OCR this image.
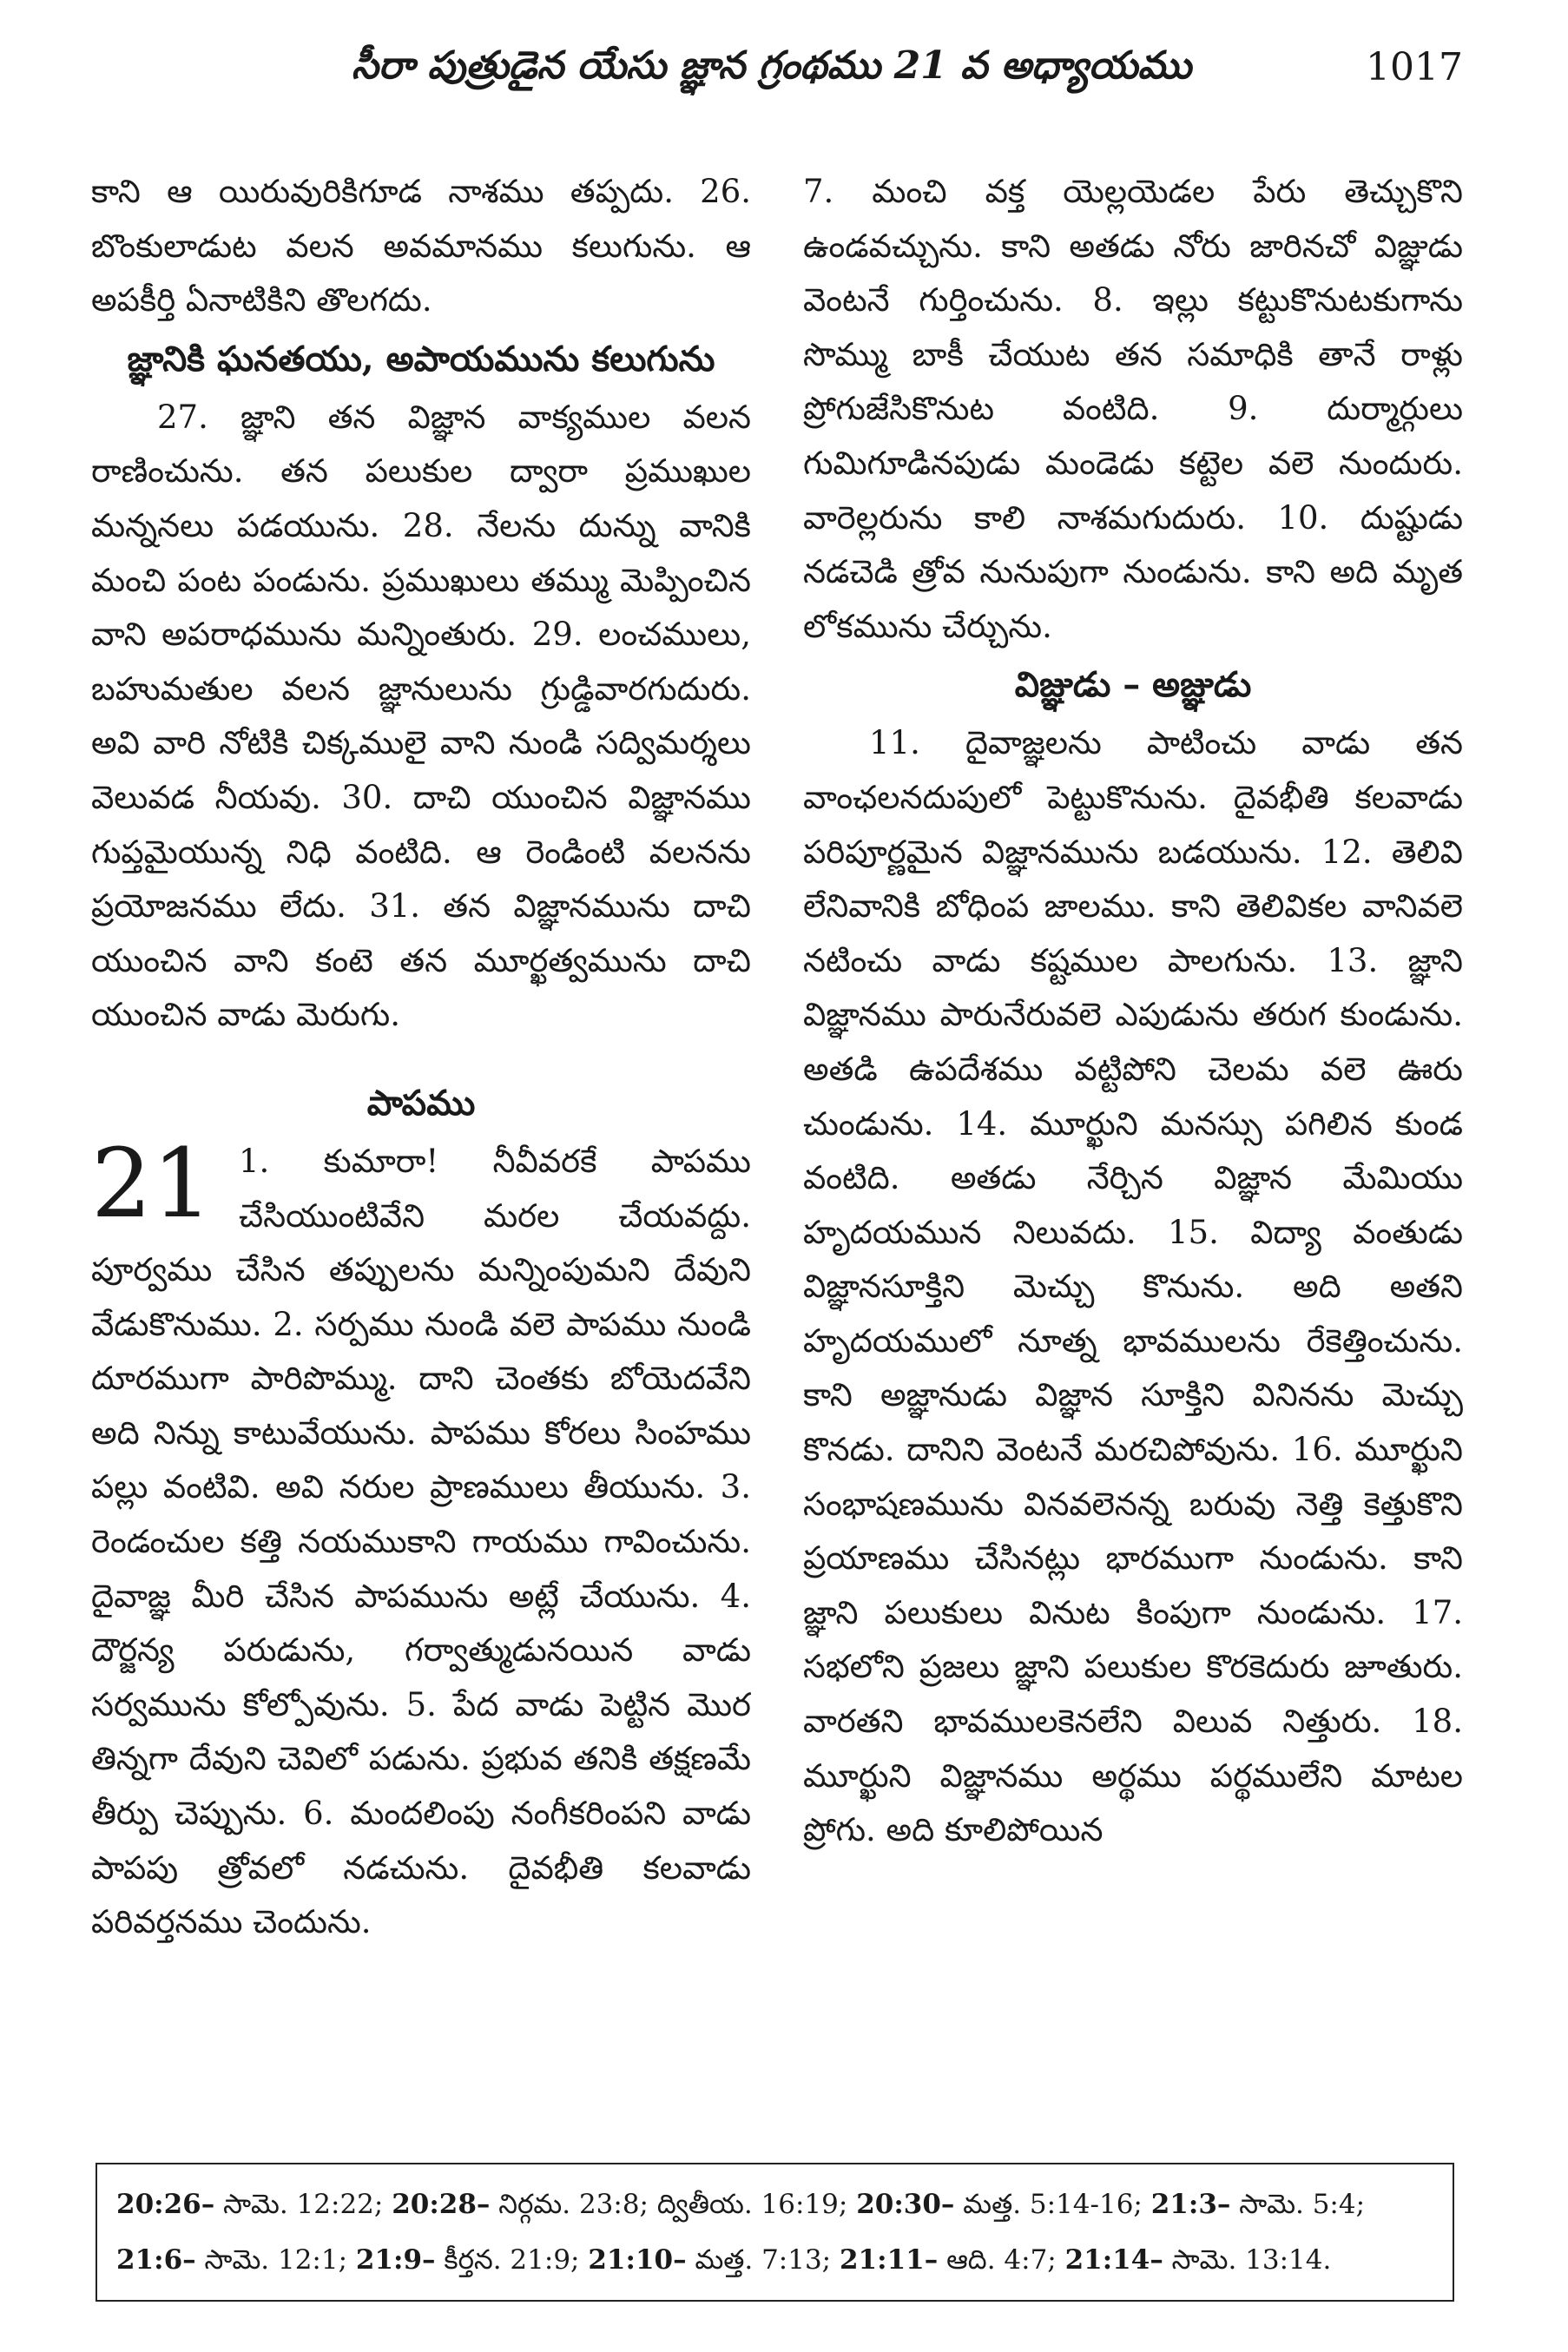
సీరా పుత్రుడైన యేసు జ్ఞాన గ్రంథము 21 వ అధ్యాయము	1017

కాని ఆ యిరువురికిగూడ నాశము తప్పదు. 26. బొంకులాడుట వలన అవమానము కలుగును. ఆ అపకీర్తి ఏనాటికిని తొలగదు.

జ్ఞానికి ఘనతయు, అపాయమును కలుగును

27. జ్ఞాని తన విజ్ఞాన వాక్యముల వలన రాణించును. తన పలుకుల ద్వారా ప్రముఖుల మన్ననలు పడయును. 28. నేలను దున్ను వానికి మంచి పంట పండును. ప్రముఖులు తమ్ము మెప్పించిన వాని అపరాధమును మన్నింతురు. 29. లంచములు, బహుమతుల వలన జ్ఞానులును గ్రుడ్డివారగుదురు. అవి వారి నోటికి చిక్కములై వాని నుండి సద్విమర్శలు వెలువడ నీయవు. 30. దాచి యుంచిన విజ్ఞానము గుప్తమైయున్న నిధి వంటిది. ఆ రెండింటి వలనను ప్రయోజనము లేదు. 31. తన విజ్ఞానమును దాచి యుంచిన వాని కంటె తన మూర్ఖత్వమును దాచి యుంచిన వాడు మెరుగు.

పాపము

21 1. కుమారా! నీవీవరకే పాపము చేసియుంటివేని మరల చేయవద్దు. పూర్వము చేసిన తప్పులను మన్నింపుమని దేవుని వేడుకొనుము. 2. సర్పము నుండి వలె పాపము నుండి దూరముగా పారిపొమ్ము. దాని చెంతకు బోయెదవేని అది నిన్ను కాటువేయును. పాపము కోరలు సింహము పల్లు వంటివి. అవి నరుల ప్రాణములు తీయును. 3. రెండంచుల కత్తి నయముకాని గాయము గావించును. దైవాజ్ఞ మీరి చేసిన పాపమును అట్లే చేయును. 4. దౌర్జన్య పరుడును, గర్వాత్ముడునయిన వాడు సర్వమును కోల్పోవును. 5. పేద వాడు పెట్టిన మొర తిన్నగా దేవుని చెవిలో పడును. ప్రభువ తనికి తక్షణమే తీర్పు చెప్పును. 6. మందలింపు నంగీకరింపని వాడు పాపపు త్రోవలో నడచును. దైవభీతి కలవాడు పరివర్తనము చెందును.

7. మంచి వక్త యెల్లయెడల పేరు తెచ్చుకొని ఉండవచ్చును. కాని అతడు నోరు జారినచో విజ్ఞుడు వెంటనే గుర్తించును. 8. ఇల్లు కట్టుకొనుటకుగాను సొమ్ము బాకీ చేయుట తన సమాధికి తానే రాళ్లు ప్రోగుజేసికొనుట వంటిది. 9. దుర్మార్గులు గుమిగూడినపుడు మండెడు కట్టెల వలె నుందురు. వారెల్లరును కాలి నాశమగుదురు. 10. దుష్టుడు నడచెడి త్రోవ నునుపుగా నుండును. కాని అది మృత లోకమును చేర్చును.

విజ్ఞుడు – అజ్ఞుడు

11. దైవాజ్ఞలను పాటించు వాడు తన వాంఛలనదుపులో పెట్టుకొనును. దైవభీతి కలవాడు పరిపూర్ణమైన విజ్ఞానమును బడయును. 12. తెలివి లేనివానికి బోధింప జాలము. కాని తెలివికల వానివలె నటించు వాడు కష్టముల పాలగును. 13. జ్ఞాని విజ్ఞానము పారునేరువలె ఎపుడును తరుగ కుండును. అతడి ఉపదేశము వట్టిపోని చెలమ వలె ఊరు చుండును. 14. మూర్ఖుని మనస్సు పగిలిన కుండ వంటిది. అతడు నేర్చిన విజ్ఞాన మేమియు హృదయమున నిలువదు. 15. విద్యా వంతుడు విజ్ఞానసూక్తిని మెచ్చు కొనును. అది అతని హృదయములో నూత్న భావములను రేకెత్తించును. కాని అజ్ఞానుడు విజ్ఞాన సూక్తిని వినినను మెచ్చు కొనడు. దానిని వెంటనే మరచిపోవును. 16. మూర్ఖుని సంభాషణమును వినవలెనన్న బరువు నెత్తి కెత్తుకొని ప్రయాణము చేసినట్లు భారముగా నుండును. కాని జ్ఞాని పలుకులు వినుట కింపుగా నుండును. 17. సభలోని ప్రజలు జ్ఞాని పలుకుల కొరకెదురు జూతురు. వారతని భావములకెనలేని విలువ నిత్తురు. 18. మూర్ఖుని విజ్ఞానము అర్థము పర్థములేని మాటల ప్రోగు. అది కూలిపోయిన

20:26– సామె. 12:22; 20:28– నిర్గమ. 23:8; ద్వితీయ. 16:19; 20:30– మత్త. 5:14-16; 21:3– సామె. 5:4; 21:6– సామె. 12:1; 21:9– కీర్తన. 21:9; 21:10– మత్త. 7:13; 21:11– ఆది. 4:7; 21:14– సామె. 13:14.
